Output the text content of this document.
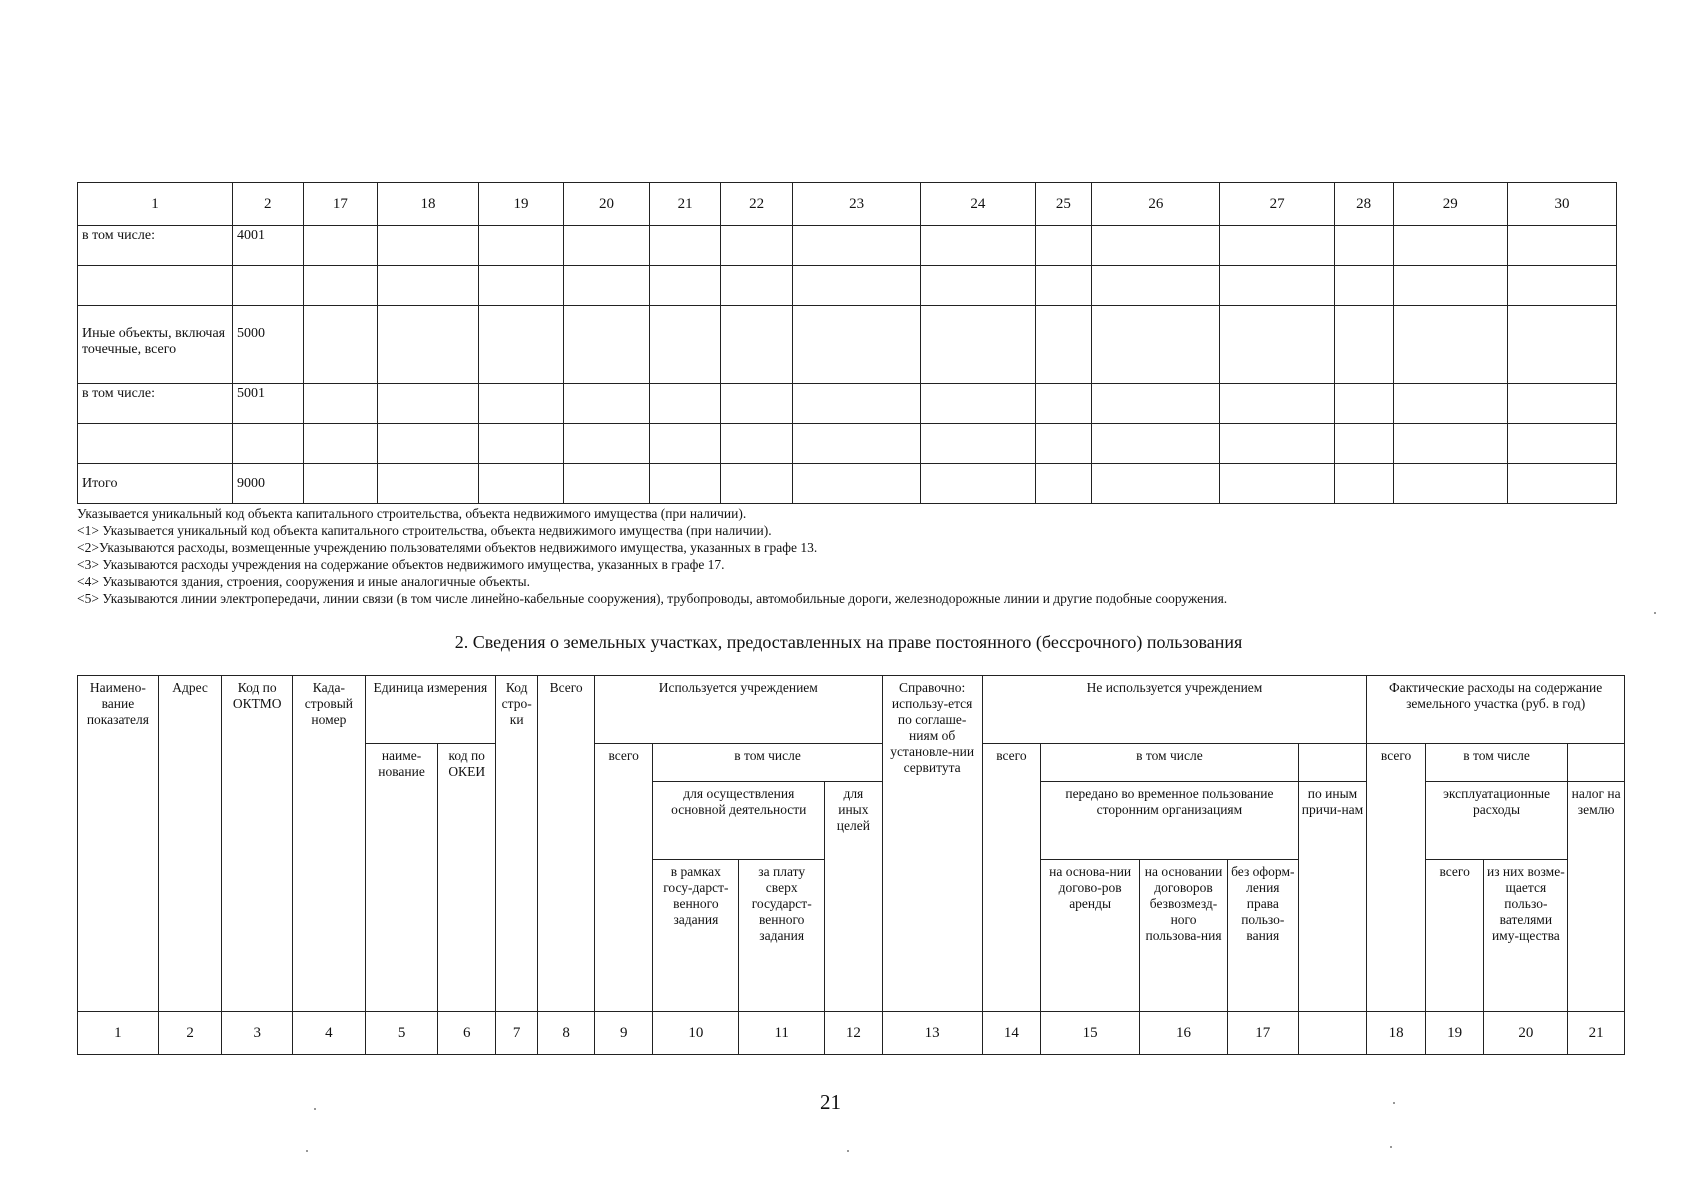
1	2	17	18	19	20	21	22	23	24	25	26	27	28	29	30
в том числе:	4001														

Иные объекты, включая точечные, всего	5000														
в том числе:	5001														

Итого	9000														
Указывается уникальный код объекта капитального строительства, объекта недвижимого имущества (при наличии).
<1> Указывается уникальный код объекта капитального строительства, объекта недвижимого имущества (при наличии).
<2>Указываются расходы, возмещенные учреждению пользователями объектов недвижимого имущества, указанных в графе 13.
<3> Указываются расходы учреждения на содержание объектов недвижимого имущества, указанных в графе 17.
<4> Указываются здания, строения, сооружения и иные аналогичные объекты.
<5> Указываются линии электропередачи, линии связи (в том числе линейно-кабельные сооружения), трубопроводы, автомобильные дороги, железнодорожные линии и другие подобные сооружения.
2. Сведения о земельных участках, предоставленных на праве постоянного (бессрочного) пользования
Наимено-вание показателя	Адрес	Код по ОКТМО	Када-стровый номер	Единица измерения		Код стро-ки	Всего	Используется учреждением				Справочно: использу-ется по соглаше-ниям об установле-нии сервитута	Не используется учреждением					Фактические расходы на содержание земельного участка (руб. в год)			
				наиме-нование	код по ОКЕИ			всего	в том числе				всего	в том числе				всего	в том числе		
									для осуществления основной деятельности		для иных целей			передано во временное пользование сторонним организациям			по иным причи-нам		эксплуатационные расходы		налог на землю
									в рамках госу-дарст-венного задания	за плату сверх государст-венного задания				на основа-нии догово-ров аренды	на основании договоров безвозмезд-ного пользова-ния	без оформ-ления права пользо-вания			всего	из них возме-щается пользо-вателями иму-щества	
1	2	3	4	5	6	7	8	9	10	11	12	13	14	15	16	17		18	19	20	21
21
